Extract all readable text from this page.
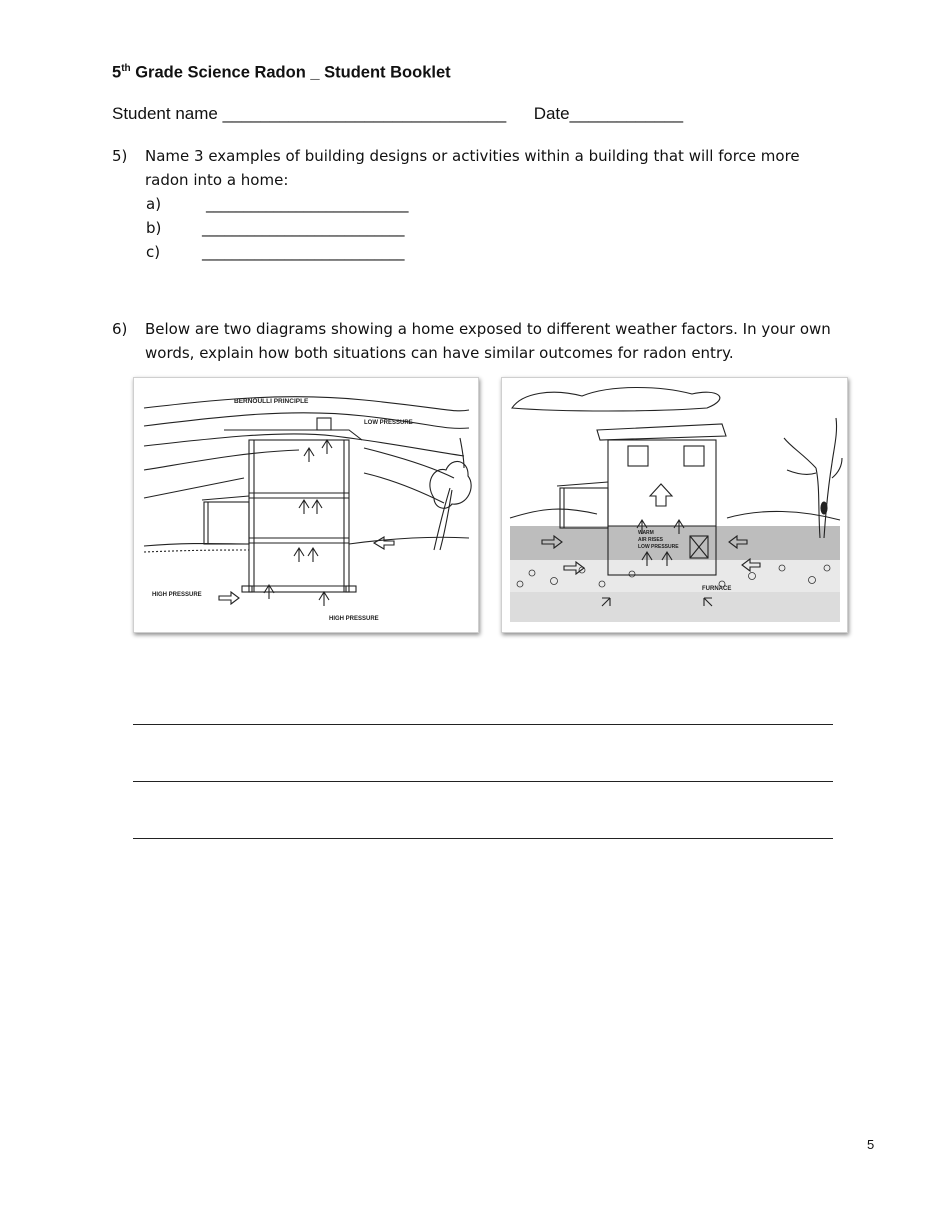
5th Grade Science Radon _ Student Booklet
Student name ______________________________ Date____________
5) Name 3 examples of building designs or activities within a building that will force more radon into a home:
a)	___________________________
b)	___________________________
c)	___________________________
6) Below are two diagrams showing a home exposed to different weather factors. In your own words, explain how both situations can have similar outcomes for radon entry.
BERNOULLI PRINCIPLE
LOW PRESSURE
HIGH PRESSURE
HIGH PRESSURE
WARM
AIR RISES
LOW PRESSURE
FURNACE
5
